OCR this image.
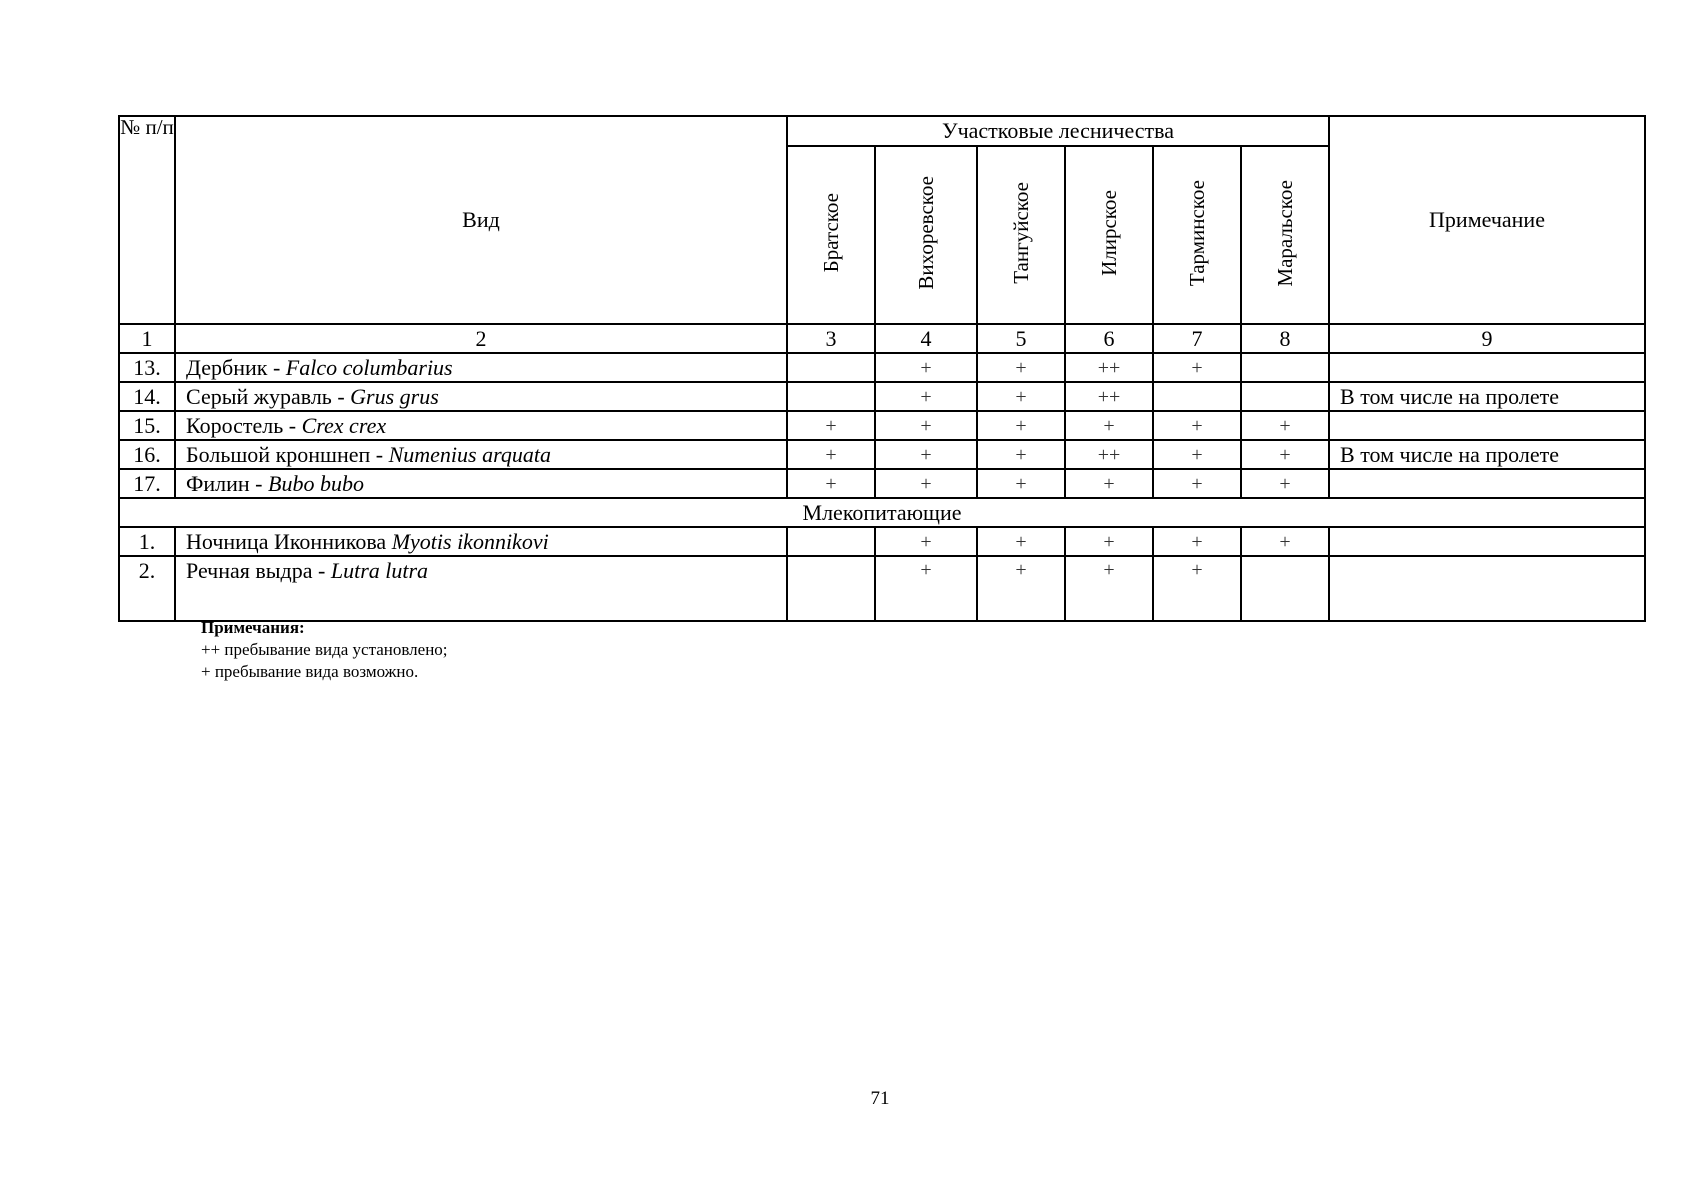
№ п/п	Вид	Участковые лесничества						Примечание
		Братское	Вихоревское	Тангуйское	Илирское	Тарминское	Маральское	
1	2	3	4	5	6	7	8	9
13.	Дербник - Falco columbarius		+	+	++	+		
14.	Серый журавль - Grus grus		+	+	++			В том числе на пролете
15.	Коростель - Crex crex	+	+	+	+	+	+	
16.	Большой кроншнеп - Numenius arquata	+	+	+	++	+	+	В том числе на пролете
17.	Филин - Bubo bubo	+	+	+	+	+	+	
Млекопитающие								
1.	Ночница Иконникова Myotis ikonnikovi		+	+	+	+	+	
2.	Речная выдра - Lutra lutra		+	+	+	+		
Примечания:
++ пребывание вида установлено;
+ пребывание вида возможно.
71
